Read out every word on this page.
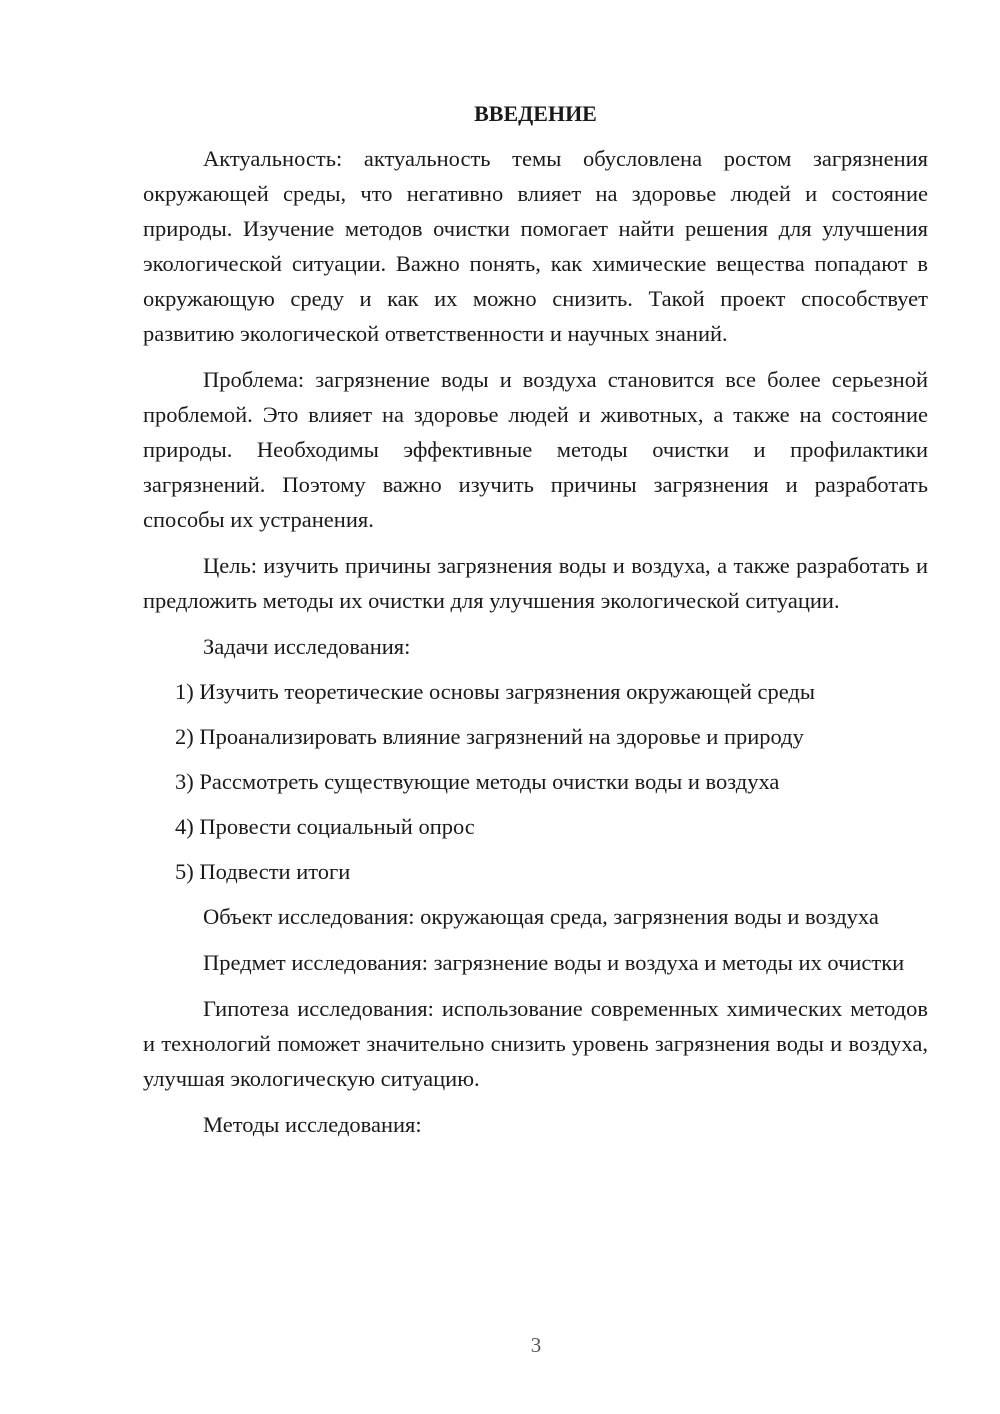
ВВЕДЕНИЕ

Актуальность: актуальность темы обусловлена ростом загрязнения окружающей среды, что негативно влияет на здоровье людей и состояние природы. Изучение методов очистки помогает найти решения для улучшения экологической ситуации. Важно понять, как химические вещества попадают в окружающую среду и как их можно снизить. Такой проект способствует развитию экологической ответственности и научных знаний.

Проблема: загрязнение воды и воздуха становится все более серьезной проблемой. Это влияет на здоровье людей и животных, а также на состояние природы. Необходимы эффективные методы очистки и профилактики загрязнений. Поэтому важно изучить причины загрязнения и разработать способы их устранения.

Цель: изучить причины загрязнения воды и воздуха, а также разработать и предложить методы их очистки для улучшения экологической ситуации.

Задачи исследования:

1) Изучить теоретические основы загрязнения окружающей среды
2) Проанализировать влияние загрязнений на здоровье и природу
3) Рассмотреть существующие методы очистки воды и воздуха
4) Провести социальный опрос
5) Подвести итоги

Объект исследования: окружающая среда, загрязнения воды и воздуха

Предмет исследования: загрязнение воды и воздуха и методы их очистки

Гипотеза исследования: использование современных химических методов и технологий поможет значительно снизить уровень загрязнения воды и воздуха, улучшая экологическую ситуацию.

Методы исследования:

3
